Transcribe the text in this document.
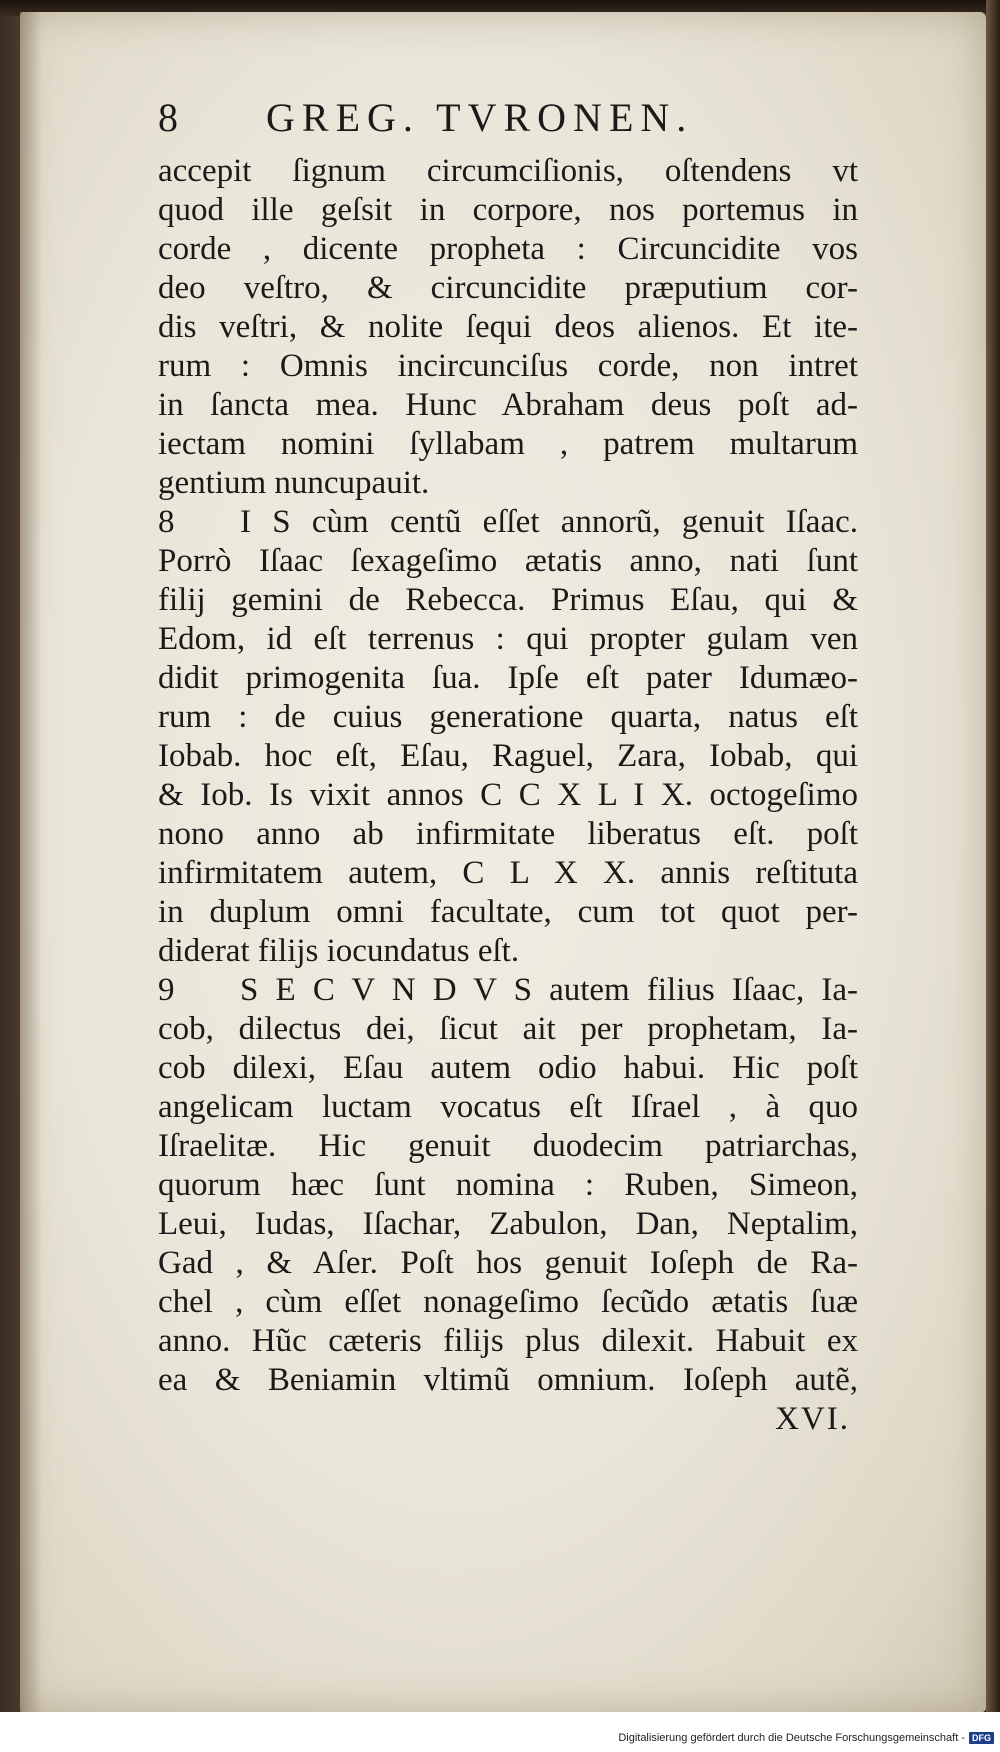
8	GREG. TVRONEN.
accepit ſignum circumciſionis, oſtendens vt
quod ille geſsit in corpore, nos portemus in
corde , dicente propheta : Circuncidite vos
deo veſtro, & circuncidite præputium cor-
dis veſtri, & nolite ſequi deos alienos. Et ite-
rum : Omnis incircunciſus corde, non intret
in ſancta mea. Hunc Abraham deus poſt ad-
iectam nomini ſyllabam , patrem multarum
gentium nuncupauit.
8	I S cùm centũ eſſet annorũ, genuit Iſaac.
Porrò Iſaac ſexageſimo ætatis anno, nati ſunt
filij gemini de Rebecca. Primus Eſau, qui &
Edom, id eſt terrenus : qui propter gulam ven
didit primogenita ſua. Ipſe eſt pater Idumæo-
rum : de cuius generatione quarta, natus eſt
Iobab. hoc eſt, Eſau, Raguel, Zara, Iobab, qui
& Iob. Is vixit annos C C X L I X. octogeſimo
nono anno ab infirmitate liberatus eſt. poſt
infirmitatem autem, C L X X. annis reſtituta
in duplum omni facultate, cum tot quot per-
diderat filijs iocundatus eſt.
9	S E C V N D V S autem filius Iſaac, Ia-
cob, dilectus dei, ſicut ait per prophetam, Ia-
cob dilexi, Eſau autem odio habui. Hic poſt
angelicam luctam vocatus eſt Iſrael , à quo
Iſraelitæ. Hic genuit duodecim patriarchas,
quorum hæc ſunt nomina : Ruben, Simeon,
Leui, Iudas, Iſachar, Zabulon, Dan, Neptalim,
Gad , & Aſer. Poſt hos genuit Ioſeph de Ra-
chel , cùm eſſet nonageſimo ſecũdo ætatis ſuæ
anno. Hũc cæteris filijs plus dilexit. Habuit ex
ea & Beniamin vltimũ omnium. Ioſeph autẽ,
XVI.
Digitalisierung gefördert durch die Deutsche Forschungsgemeinschaft - DFG
